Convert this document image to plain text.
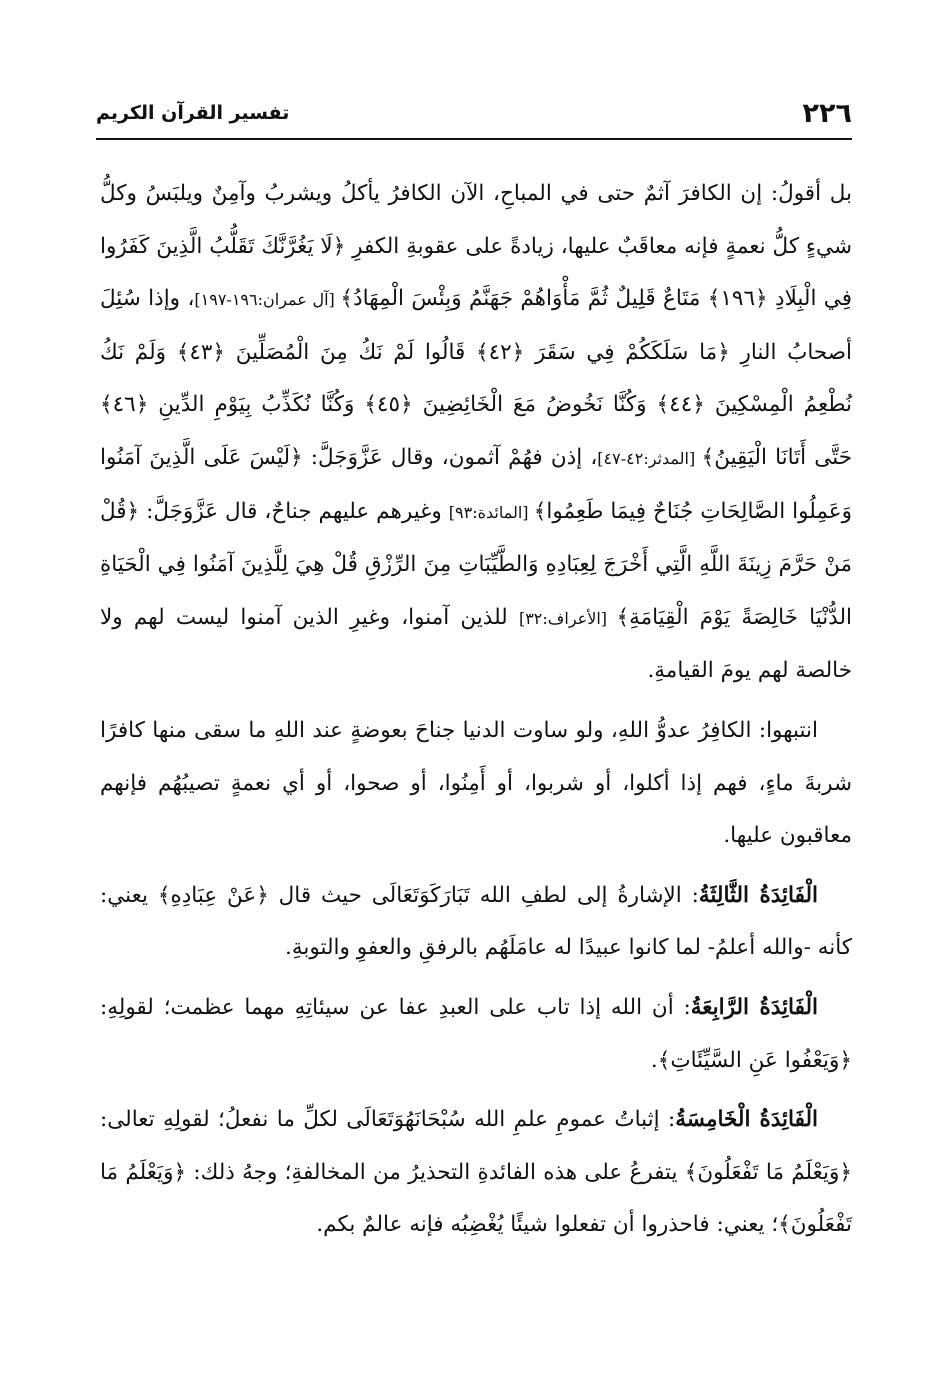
٢٢٦
تفسير القرآن الكريم

بل أقولُ: إن الكافرَ آثمٌ حتى في المباحِ، الآن الكافرُ يأكلُ ويشربُ وآمِنٌ ويلبَسُ وكلُّ شيءٍ كلُّ نعمةٍ فإنه معاقَبٌ عليها، زيادةً على عقوبةِ الكفرِ ﴿لَا يَغُرَّنَّكَ تَقَلُّبُ الَّذِينَ كَفَرُوا فِي الْبِلَادِ ﴿١٩٦﴾ مَتَاعٌ قَلِيلٌ ثُمَّ مَأْوَاهُمْ جَهَنَّمُ وَبِئْسَ الْمِهَادُ﴾ [آل عمران:١٩٦-١٩٧]، وإذا سُئِلَ أصحابُ النارِ ﴿مَا سَلَكَكُمْ فِي سَقَرَ ﴿٤٢﴾ قَالُوا لَمْ نَكُ مِنَ الْمُصَلِّينَ ﴿٤٣﴾ وَلَمْ نَكُ نُطْعِمُ الْمِسْكِينَ ﴿٤٤﴾ وَكُنَّا نَخُوضُ مَعَ الْخَائِضِينَ ﴿٤٥﴾ وَكُنَّا نُكَذِّبُ بِيَوْمِ الدِّينِ ﴿٤٦﴾ حَتَّى أَتَانَا الْيَقِينُ﴾ [المدثر:٤٢-٤٧]، إذن فهُمْ آثمون، وقال عَزَّوَجَلَّ: ﴿لَيْسَ عَلَى الَّذِينَ آمَنُوا وَعَمِلُوا الصَّالِحَاتِ جُنَاحٌ فِيمَا طَعِمُوا﴾ [المائدة:٩٣] وغيرهم عليهم جناحٌ، قال عَزَّوَجَلَّ: ﴿قُلْ مَنْ حَرَّمَ زِينَةَ اللَّهِ الَّتِي أَخْرَجَ لِعِبَادِهِ وَالطَّيِّبَاتِ مِنَ الرِّزْقِ قُلْ هِيَ لِلَّذِينَ آمَنُوا فِي الْحَيَاةِ الدُّنْيَا خَالِصَةً يَوْمَ الْقِيَامَةِ﴾ [الأعراف:٣٢] للذين آمنوا، وغيرِ الذين آمنوا ليست لهم ولا خالصة لهم يومَ القيامةِ.

انتبهوا: الكافِرُ عدوُّ اللهِ، ولو ساوت الدنيا جناحَ بعوضةٍ عند اللهِ ما سقى منها كافرًا شربةَ ماءٍ، فهم إذا أكلوا، أو شربوا، أو أَمِنُوا، أو صحوا، أو أي نعمةٍ تصيبُهُم فإنهم معاقبون عليها.

الْفَائِدَةُ الثَّالِثَةُ: الإشارةُ إلى لطفِ الله تَبَارَكَوَتَعَالَى حيث قال ﴿عَنْ عِبَادِهِ﴾ يعني: كأنه -والله أعلمُ- لما كانوا عبيدًا له عامَلَهُم بالرفقِ والعفوِ والتوبةِ.

الْفَائِدَةُ الرَّابِعَةُ: أن الله إذا تاب على العبدِ عفا عن سيئاتِهِ مهما عظمت؛ لقولِهِ: ﴿وَيَعْفُوا عَنِ السَّيِّئَاتِ﴾.

الْفَائِدَةُ الْخَامِسَةُ: إثباتُ عمومِ علمِ الله سُبْحَانَهُوَتَعَالَى لكلِّ ما نفعلُ؛ لقولِهِ تعالى: ﴿وَيَعْلَمُ مَا تَفْعَلُونَ﴾ يتفرعُ على هذه الفائدةِ التحذيرُ من المخالفةِ؛ وجهُ ذلك: ﴿وَيَعْلَمُ مَا تَفْعَلُونَ﴾؛ يعني: فاحذروا أن تفعلوا شيئًا يُغْضِبُه فإنه عالمٌ بكم.
